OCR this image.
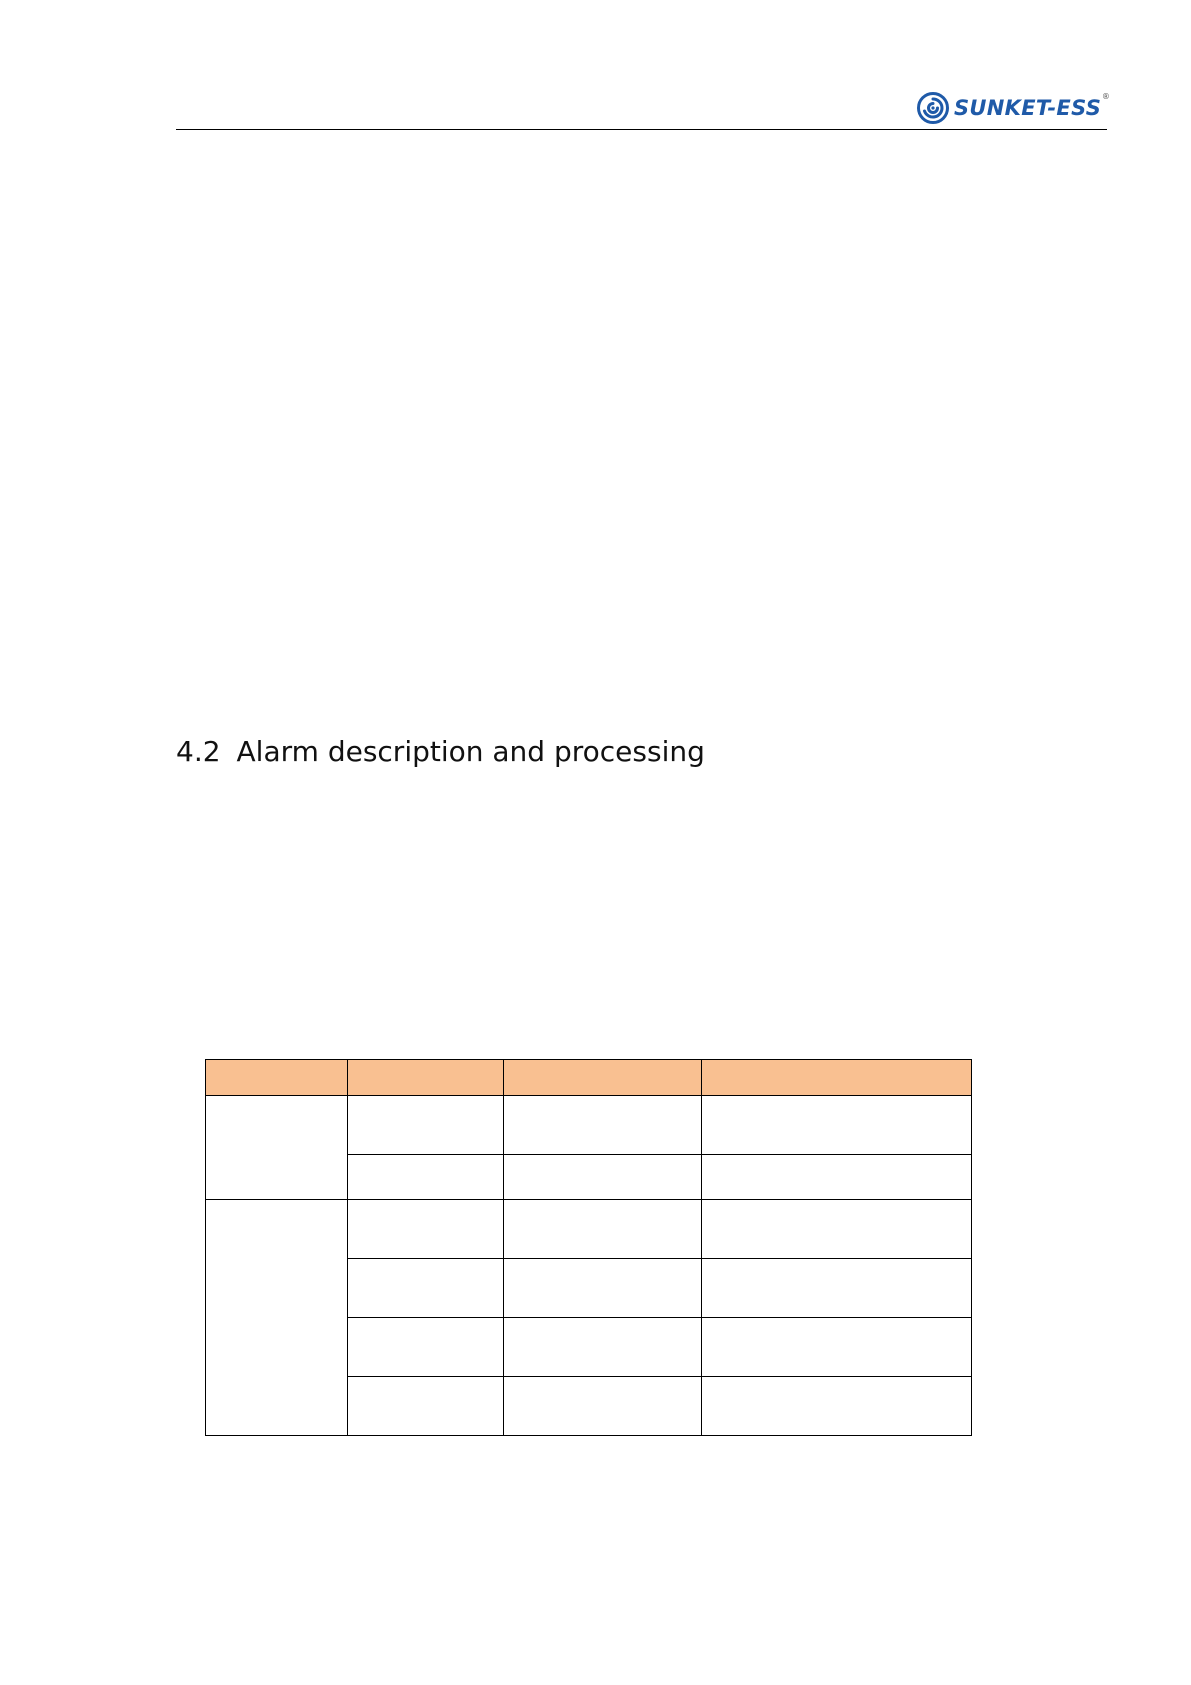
SUNKET-ESS ®
4.2 Alarm description and processing
